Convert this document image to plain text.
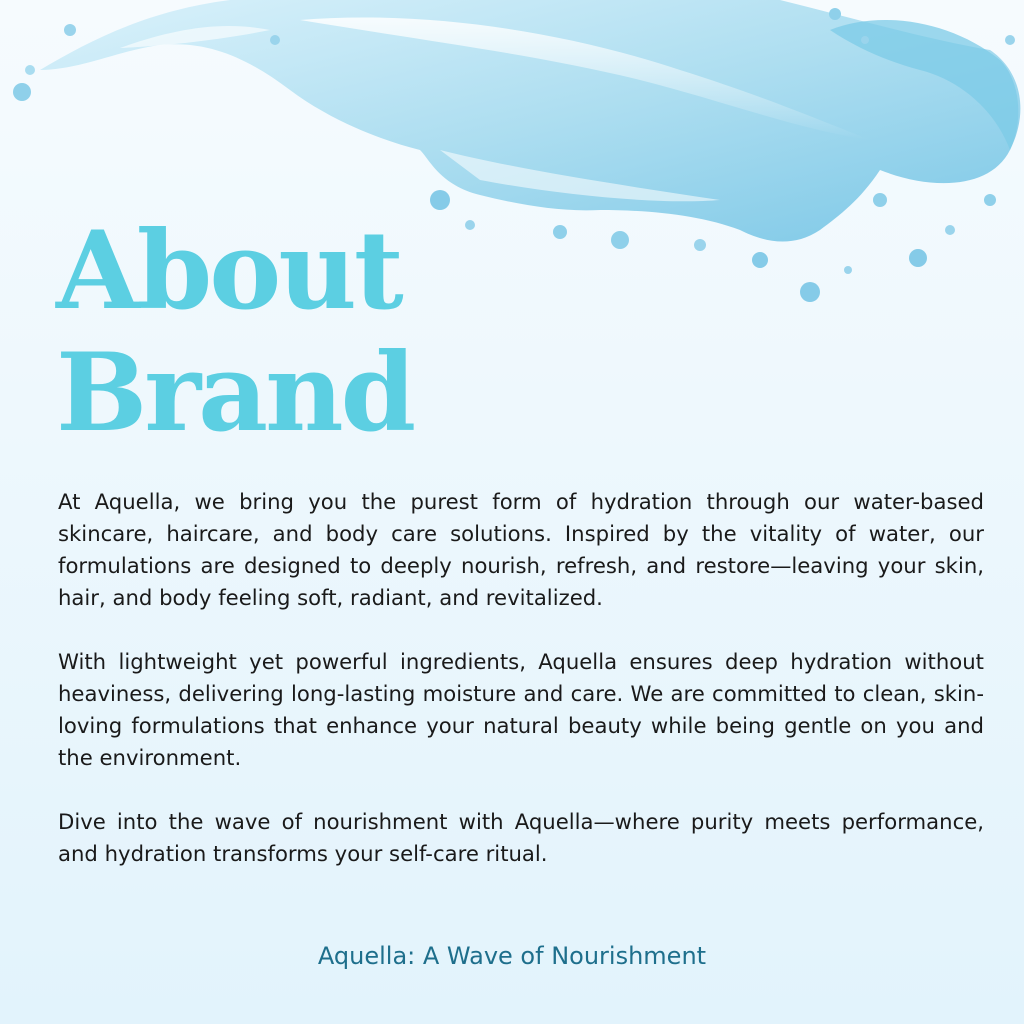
About
Brand

At Aquella, we bring you the purest form of hydration through our water-based skincare, haircare, and body care solutions. Inspired by the vitality of water, our formulations are designed to deeply nourish, refresh, and restore—leaving your skin, hair, and body feeling soft, radiant, and revitalized.

With lightweight yet powerful ingredients, Aquella ensures deep hydration without heaviness, delivering long-lasting moisture and care. We are committed to clean, skin-loving formulations that enhance your natural beauty while being gentle on you and the environment.

Dive into the wave of nourishment with Aquella—where purity meets performance, and hydration transforms your self-care ritual.

Aquella: A Wave of Nourishment
